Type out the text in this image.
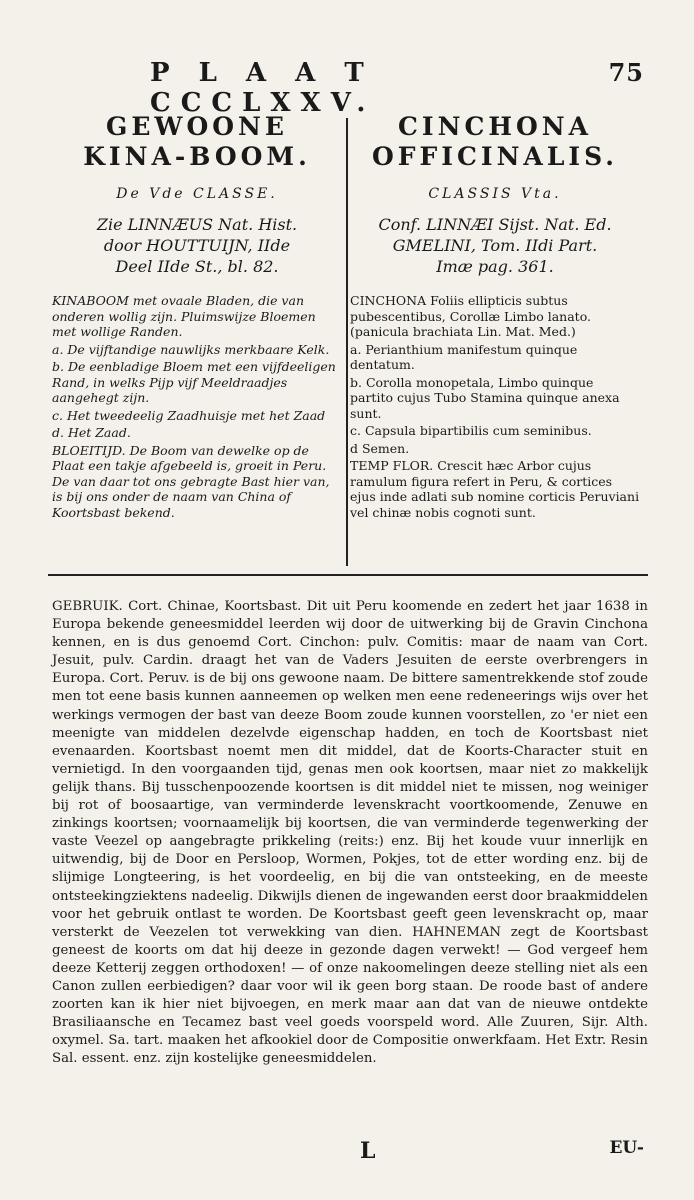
P L A A T CCCLXXV.
75

GEWOONE

KINA-BOOM.

De Vde CLASSE.
Zie LINNÆUS Nat. Hist.
door HOUTTUIJN, IIde
Deel IIde St., bl. 82.
KINABOOM met ovaale Bladen, die van onderen wollig zijn. Pluimswijze Bloemen met wollige Randen.
a. De vijftandige nauwlijks merkbaare Kelk.
b. De eenbladige Bloem met een vijfdeeligen Rand, in welks Pijp vijf Meeldraadjes aangehegt zijn.
c. Het tweedeelig Zaadhuisje met het Zaad
d. Het Zaad.
BLOEITIJD. De Boom van dewelke op de Plaat een takje afgebeeld is, groeit in Peru. De van daar tot ons gebragte Bast hier van, is bij ons onder de naam van China of Koortsbast bekend.

CINCHONA

OFFICINALIS.

CLASSIS Vta.
Conf. LINNÆI Sijst. Nat. Ed.
GMELINI, Tom. IIdi Part.
Imæ pag. 361.
CINCHONA Foliis ellipticis subtus pubescentibus, Corollæ Limbo lanato. (panicula brachiata Lin. Mat. Med.)
a. Perianthium manifestum quinque dentatum.
b. Corolla monopetala, Limbo quinque partito cujus Tubo Stamina quinque anexa sunt.
c. Capsula bipartibilis cum seminibus.
d Semen.
TEMP FLOR. Crescit hæc Arbor cujus ramulum figura refert in Peru, & cortices ejus inde adlati sub nomine corticis Peruviani vel chinæ nobis cognoti sunt.
GEBRUIK. Cort. Chinae, Koortsbast. Dit uit Peru koomende en zedert het jaar 1638 in Europa bekende geneesmiddel leerden wij door de uitwerking bij de Gravin Cinchona kennen, en is dus genoemd Cort. Cinchon: pulv. Comitis: maar de naam van Cort. Jesuit, pulv. Cardin. draagt het van de Vaders Jesuiten de eerste overbrengers in Europa. Cort. Peruv. is de bij ons gewoone naam. De bittere samentrekkende stof zoude men tot eene basis kunnen aanneemen op welken men eene redeneerings wijs over het werkings vermogen der bast van deeze Boom zoude kunnen voorstellen, zo 'er niet een meenigte van middelen dezelvde eigenschap hadden, en toch de Koortsbast niet evenaarden. Koortsbast noemt men dit middel, dat de Koorts-Character stuit en vernietigd. In den voorgaanden tijd, genas men ook koortsen, maar niet zo makkelijk gelijk thans. Bij tusschenpoozende koortsen is dit middel niet te missen, nog weiniger bij rot of boosaartige, van verminderde levenskracht voortkoomende, Zenuwe en zinkings koortsen; voornaamelijk bij koortsen, die van verminderde tegenwerking der vaste Veezel op aangebragte prikkeling (reits:) enz. Bij het koude vuur innerlijk en uitwendig, bij de Door en Persloop, Wormen, Pokjes, tot de etter wording enz. bij de slijmige Longteering, is het voordeelig, en bij die van ontsteeking, en de meeste ontsteekingziektens nadeelig. Dikwijls dienen de ingewanden eerst door braakmiddelen voor het gebruik ontlast te worden. De Koortsbast geeft geen levenskracht op, maar versterkt de Veezelen tot verwekking van dien. HAHNEMAN zegt de Koortsbast geneest de koorts om dat hij deeze in gezonde dagen verwekt! — God vergeef hem deeze Ketterij zeggen orthodoxen! — of onze nakoomelingen deeze stelling niet als een Canon zullen eerbiedigen? daar voor wil ik geen borg staan. De roode bast of andere zoorten kan ik hier niet bijvoegen, en merk maar aan dat van de nieuwe ontdekte Brasiliaansche en Tecamez bast veel goeds voorspeld word. Alle Zuuren, Sijr. Alth. oxymel. Sa. tart. maaken het afkookiel door de Compositie onwerkfaam. Het Extr. Resin Sal. essent. enz. zijn kostelijke geneesmiddelen.
L	EU-
